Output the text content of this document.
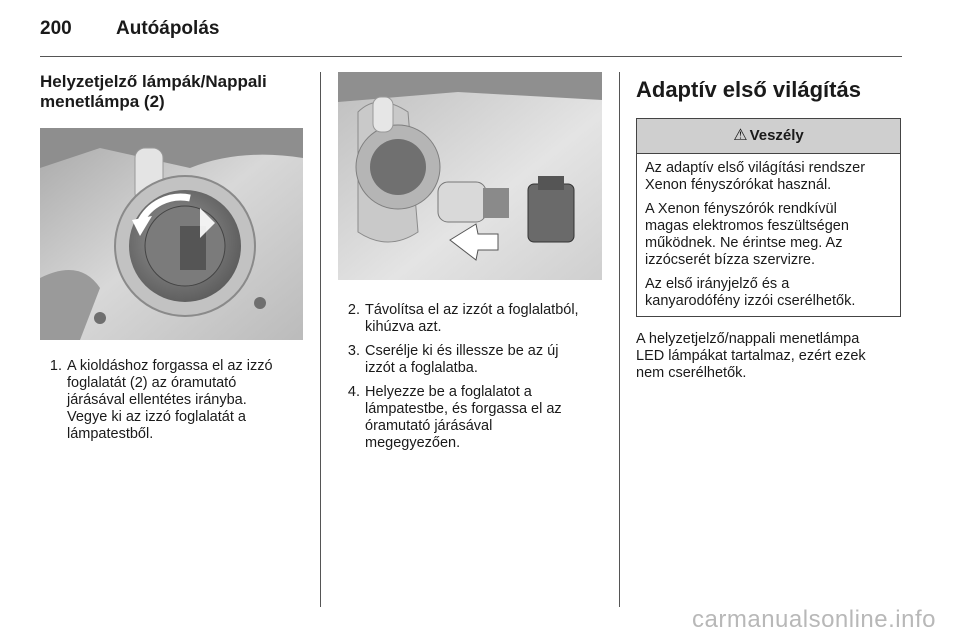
200 Autóápolás
Helyzetjelző lámpák/Nappali
menetlámpa (2)
1. A kioldáshoz forgassa el az izzó
foglalatát (2) az óramutató
járásával ellentétes irányba.
Vegye ki az izzó foglalatát a
lámpatestből.
2. Távolítsa el az izzót a foglalatból,
kihúzva azt.
3. Cserélje ki és illessze be az új
izzót a foglalatba.
4. Helyezze be a foglalatot a
lámpatestbe, és forgassa el az
óramutató járásával
megegyezően.
Adaptív első világítás
⚠ Veszély

Az adaptív első világítási rendszer
Xenon fényszórókat használ.

A Xenon fényszórók rendkívül
magas elektromos feszültségen
működnek. Ne érintse meg. Az
izzócserét bízza szervizre.

Az első irányjelző és a
kanyarodófény izzói cserélhetők.

A helyzetjelző/nappali menetlámpa
LED lámpákat tartalmaz, ezért ezek
nem cserélhetők.

carmanualsonline.info
